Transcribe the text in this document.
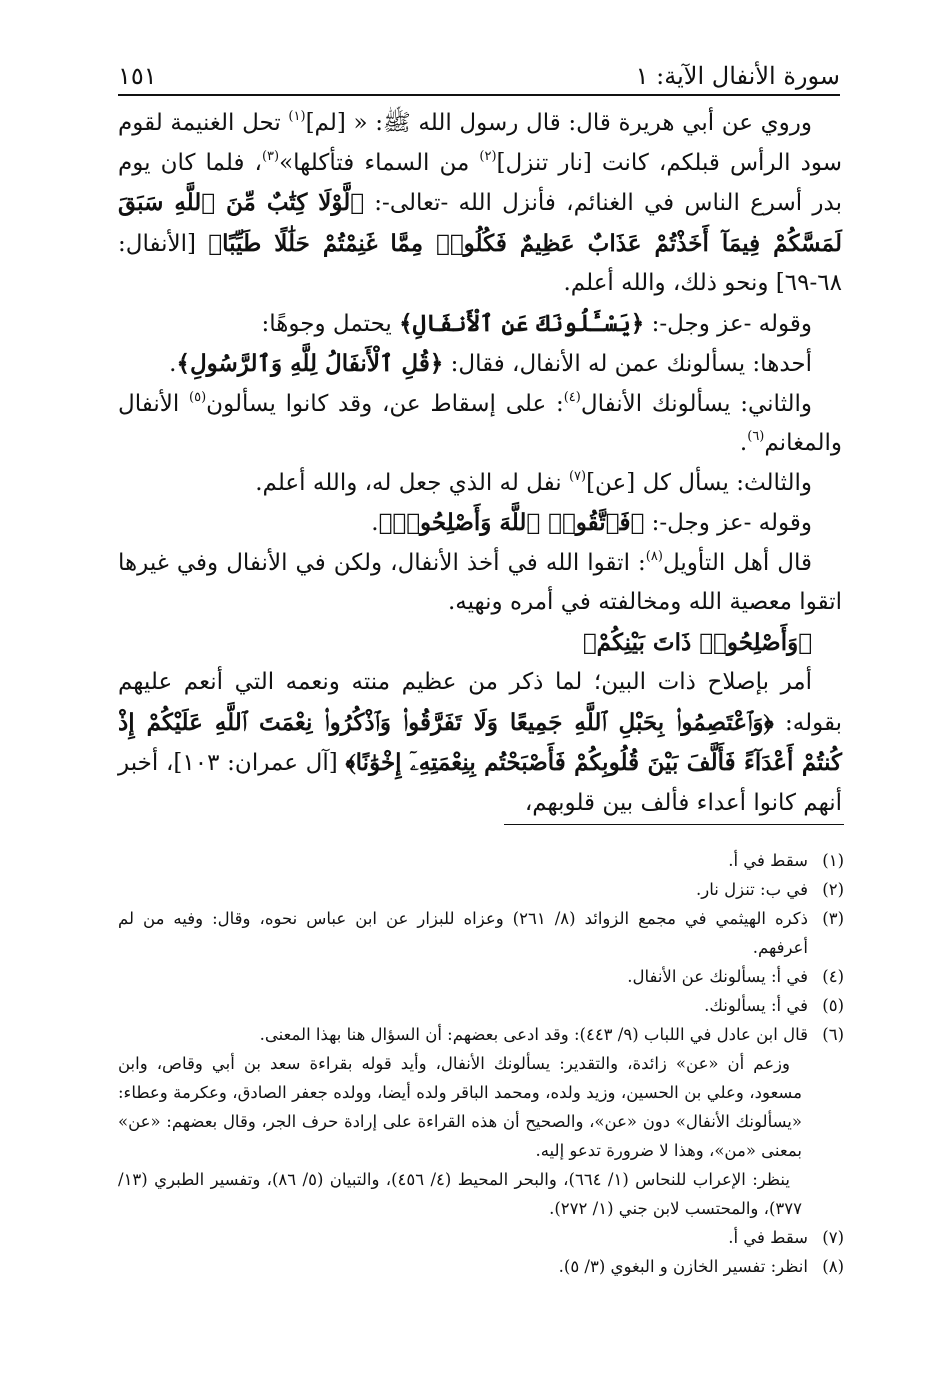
سورة الأنفال الآية: ١
١٥١

وروي عن أبي هريرة قال: قال رسول الله ﷺ: « [لم]$^{(١)}$ تحل الغنيمة لقوم سود الرأس قبلكم، كانت [نار تنزل]$^{(٢)}$ من السماء فتأكلها»$^{(٣)}$، فلما كان يوم بدر أسرع الناس في الغنائم، فأنزل الله -تعالى-: ﴿لَّوْلَا كِتَٰبٌ مِّنَ ٱللَّهِ سَبَقَ لَمَسَّكُمْ فِيمَآ أَخَذْتُمْ عَذَابٌ عَظِيمٌ فَكُلُوا۟ مِمَّا غَنِمْتُمْ حَلَٰلًا طَيِّبًا﴾ [الأنفال: ٦٨-٦٩] ونحو ذلك، والله أعلم.

وقوله -عز وجل-: ﴿يَسْـَٔلُونَكَ عَنِ ٱلْأَنفَالِ﴾ يحتمل وجوهًا:

أحدها: يسألونك عمن له الأنفال، فقال: ﴿قُلِ ٱلْأَنفَالُ لِلَّهِ وَٱلرَّسُولِ﴾.

والثاني: يسألونك الأنفال$^{(٤)}$: على إسقاط عن، وقد كانوا يسألون$^{(٥)}$ الأنفال والمغانم$^{(٦)}$.

والثالث: يسأل كل [عن]$^{(٧)}$ نفل له الذي جعل له، والله أعلم.

وقوله -عز وجل-: ﴿فَٱتَّقُوا۟ ٱللَّهَ وَأَصْلِحُوا۟﴾.

قال أهل التأويل$^{(٨)}$: اتقوا الله في أخذ الأنفال، ولكن في الأنفال وفي غيرها اتقوا معصية الله ومخالفته في أمره ونهيه.

﴿وَأَصْلِحُوا۟ ذَاتَ بَيْنِكُمْ﴾

أمر بإصلاح ذات البين؛ لما ذكر من عظيم منته ونعمه التي أنعم عليهم بقوله: ﴿وَٱعْتَصِمُوا۟ بِحَبْلِ ٱللَّهِ جَمِيعًا وَلَا تَفَرَّقُوا۟ وَٱذْكُرُوا۟ نِعْمَتَ ٱللَّهِ عَلَيْكُمْ إِذْ كُنتُمْ أَعْدَآءً فَأَلَّفَ بَيْنَ قُلُوبِكُمْ فَأَصْبَحْتُم بِنِعْمَتِهِۦٓ إِخْوَٰنًا﴾ [آل عمران: ١٠٣]، أخبر أنهم كانوا أعداء فألف بين قلوبهم،

(١)
سقط في أ.
(٢)
في ب: تنزل نار.
(٣)
ذكره الهيثمي في مجمع الزوائد (٨/ ٢٦١) وعزاه للبزار عن ابن عباس نحوه، وقال: وفيه من لم أعرفهم.
(٤)
في أ: يسألونك عن الأنفال.
(٥)
في أ: يسألونك.
(٦)
قال ابن عادل في اللباب (٩/ ٤٤٣): وقد ادعى بعضهم: أن السؤال هنا بهذا المعنى.
وزعم أن «عن» زائدة، والتقدير: يسألونك الأنفال، وأيد قوله بقراءة سعد بن أبي وقاص، وابن مسعود، وعلي بن الحسين، وزيد ولده، ومحمد الباقر ولده أيضا، وولده جعفر الصادق، وعكرمة وعطاء: «يسألونك الأنفال» دون «عن»، والصحيح أن هذه القراءة على إرادة حرف الجر، وقال بعضهم: «عن» بمعنى «من»، وهذا لا ضرورة تدعو إليه.
ينظر: الإعراب للنحاس (١/ ٦٦٤)، والبحر المحيط (٤/ ٤٥٦)، والتبيان (٥/ ٨٦)، وتفسير الطبري (١٣/ ٣٧٧)، والمحتسب لابن جني (١/ ٢٧٢).
(٧)
سقط في أ.
(٨)
انظر: تفسير الخازن و البغوي (٣/ ٥).
